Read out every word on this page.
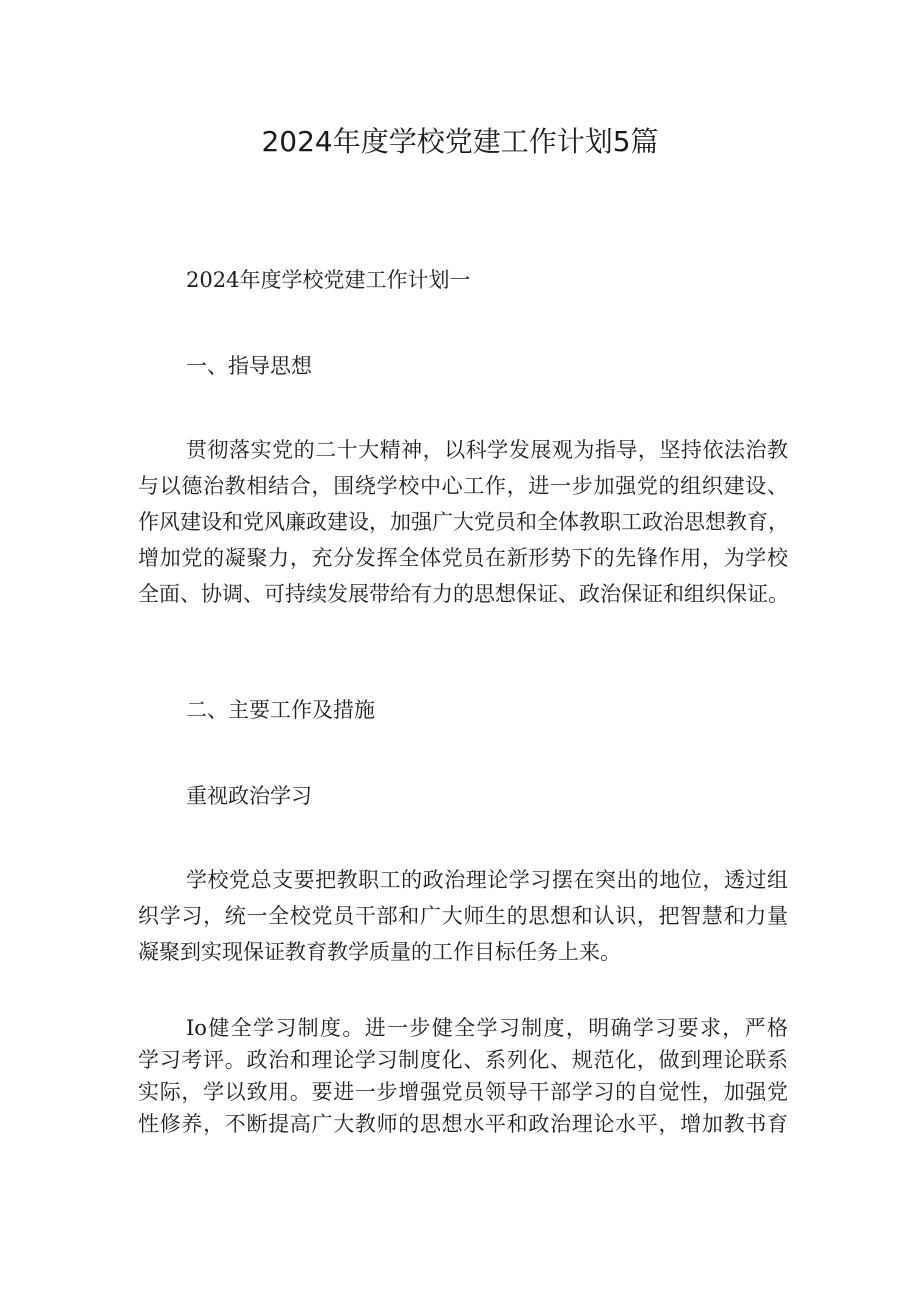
2024年度学校党建工作计划5篇

2024年度学校党建工作计划一

一、指导思想

贯彻落实党的二十大精神，以科学发展观为指导，坚持依法治教
与以德治教相结合，围绕学校中心工作，进一步加强党的组织建设、
作风建设和党风廉政建设，加强广大党员和全体教职工政治思想教育，
增加党的凝聚力，充分发挥全体党员在新形势下的先锋作用，为学校
全面、协调、可持续发展带给有力的思想保证、政治保证和组织保证。

二、主要工作及措施

重视政治学习

学校党总支要把教职工的政治理论学习摆在突出的地位，透过组
织学习，统一全校党员干部和广大师生的思想和认识，把智慧和力量
凝聚到实现保证教育教学质量的工作目标任务上来。
Io健全学习制度。进一步健全学习制度，明确学习要求，严格
学习考评。政治和理论学习制度化、系列化、规范化，做到理论联系
实际，学以致用。要进一步增强党员领导干部学习的自觉性，加强党
性修养，不断提高广大教师的思想水平和政治理论水平，增加教书育
